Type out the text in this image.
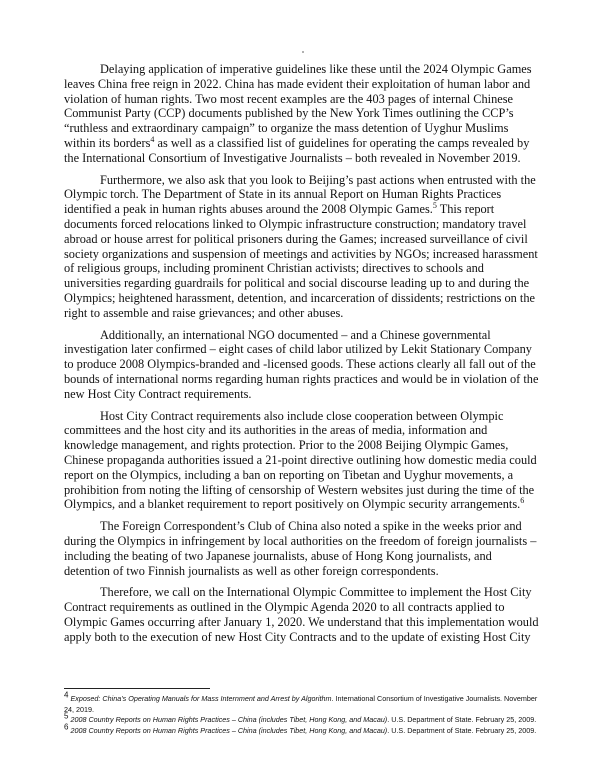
Delaying application of imperative guidelines like these until the 2024 Olympic Games leaves China free reign in 2022. China has made evident their exploitation of human labor and violation of human rights. Two most recent examples are the 403 pages of internal Chinese Communist Party (CCP) documents published by the New York Times outlining the CCP’s “ruthless and extraordinary campaign” to organize the mass detention of Uyghur Muslims within its borders$^4$ as well as a classified list of guidelines for operating the camps revealed by the International Consortium of Investigative Journalists – both revealed in November 2019.

Furthermore, we also ask that you look to Beijing’s past actions when entrusted with the Olympic torch. The Department of State in its annual Report on Human Rights Practices identified a peak in human rights abuses around the 2008 Olympic Games.$^5$ This report documents forced relocations linked to Olympic infrastructure construction; mandatory travel abroad or house arrest for political prisoners during the Games; increased surveillance of civil society organizations and suspension of meetings and activities by NGOs; increased harassment of religious groups, including prominent Christian activists; directives to schools and universities regarding guardrails for political and social discourse leading up to and during the Olympics; heightened harassment, detention, and incarceration of dissidents; restrictions on the right to assemble and raise grievances; and other abuses.

Additionally, an international NGO documented – and a Chinese governmental investigation later confirmed – eight cases of child labor utilized by Lekit Stationary Company to produce 2008 Olympics-branded and -licensed goods. These actions clearly all fall out of the bounds of international norms regarding human rights practices and would be in violation of the new Host City Contract requirements.

Host City Contract requirements also include close cooperation between Olympic committees and the host city and its authorities in the areas of media, information and knowledge management, and rights protection. Prior to the 2008 Beijing Olympic Games, Chinese propaganda authorities issued a 21-point directive outlining how domestic media could report on the Olympics, including a ban on reporting on Tibetan and Uyghur movements, a prohibition from noting the lifting of censorship of Western websites just during the time of the Olympics, and a blanket requirement to report positively on Olympic security arrangements.$^6$

The Foreign Correspondent’s Club of China also noted a spike in the weeks prior and during the Olympics in infringement by local authorities on the freedom of foreign journalists – including the beating of two Japanese journalists, abuse of Hong Kong journalists, and detention of two Finnish journalists as well as other foreign correspondents.

Therefore, we call on the International Olympic Committee to implement the Host City Contract requirements as outlined in the Olympic Agenda 2020 to all contracts applied to Olympic Games occurring after January 1, 2020. We understand that this implementation would apply both to the execution of new Host City Contracts and to the update of existing Host City

$^4$ Exposed: China’s Operating Manuals for Mass Internment and Arrest by Algorithm. International Consortium of Investigative Journalists. November 24, 2019.

$^5$ 2008 Country Reports on Human Rights Practices – China (includes Tibet, Hong Kong, and Macau). U.S. Department of State. February 25, 2009.

$^6$ 2008 Country Reports on Human Rights Practices – China (includes Tibet, Hong Kong, and Macau). U.S. Department of State. February 25, 2009.
